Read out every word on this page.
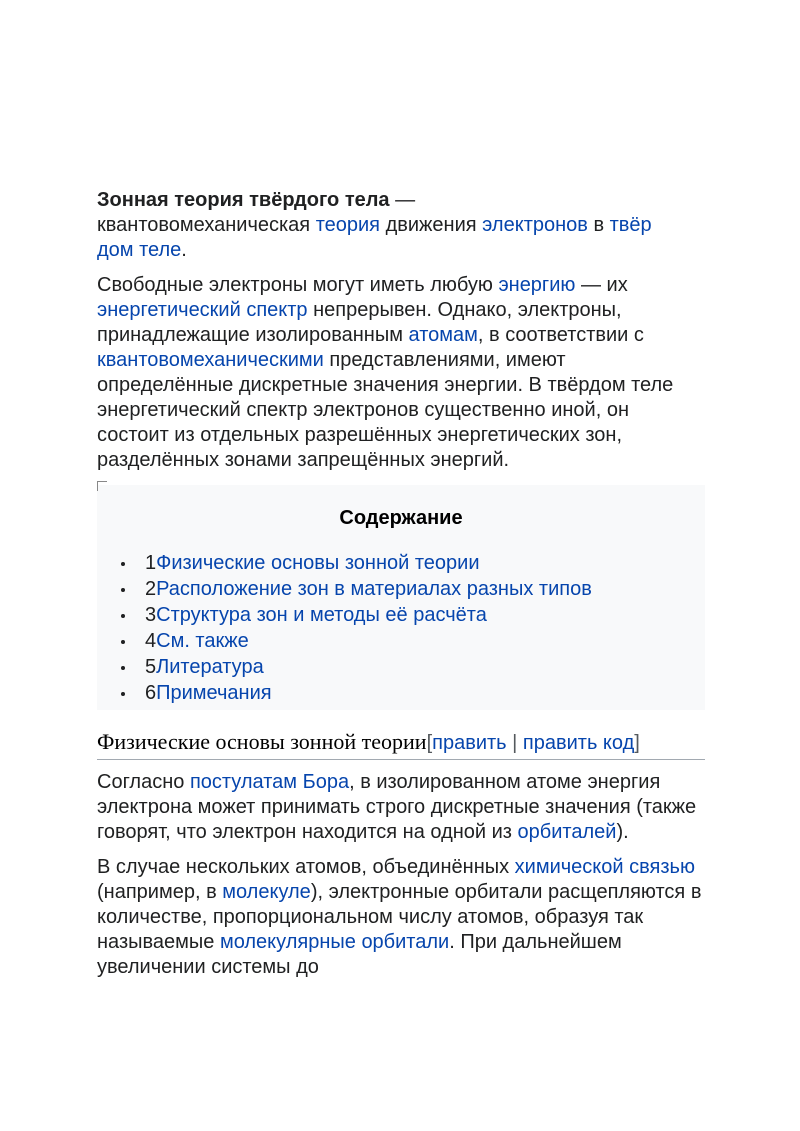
Зонная теория твёрдого тела —
квантовомеханическая теория движения электронов в твёр
дом теле.

Свободные электроны могут иметь любую энергию — их энергетический спектр непрерывен. Однако, электроны, принадлежащие изолированным атомам, в соответствии с квантовомеханическими представлениями, имеют определённые дискретные значения энергии. В твёрдом теле энергетический спектр электронов существенно иной, он состоит из отдельных разрешённых энергетических зон, разделённых зонами запрещённых энергий.

Содержание
1Физические основы зонной теории
2Расположение зон в материалах разных типов
3Структура зон и методы её расчёта
4См. также
5Литература
6Примечания
Физические основы зонной теории[править | править код]

Согласно постулатам Бора, в изолированном атоме энергия электрона может принимать строго дискретные значения (также говорят, что электрон находится на одной из орбиталей).

В случае нескольких атомов, объединённых химической связью (например, в молекуле), электронные орбитали расщепляются в количестве, пропорциональном числу атомов, образуя так называемые молекулярные орбитали. При дальнейшем увеличении системы до
